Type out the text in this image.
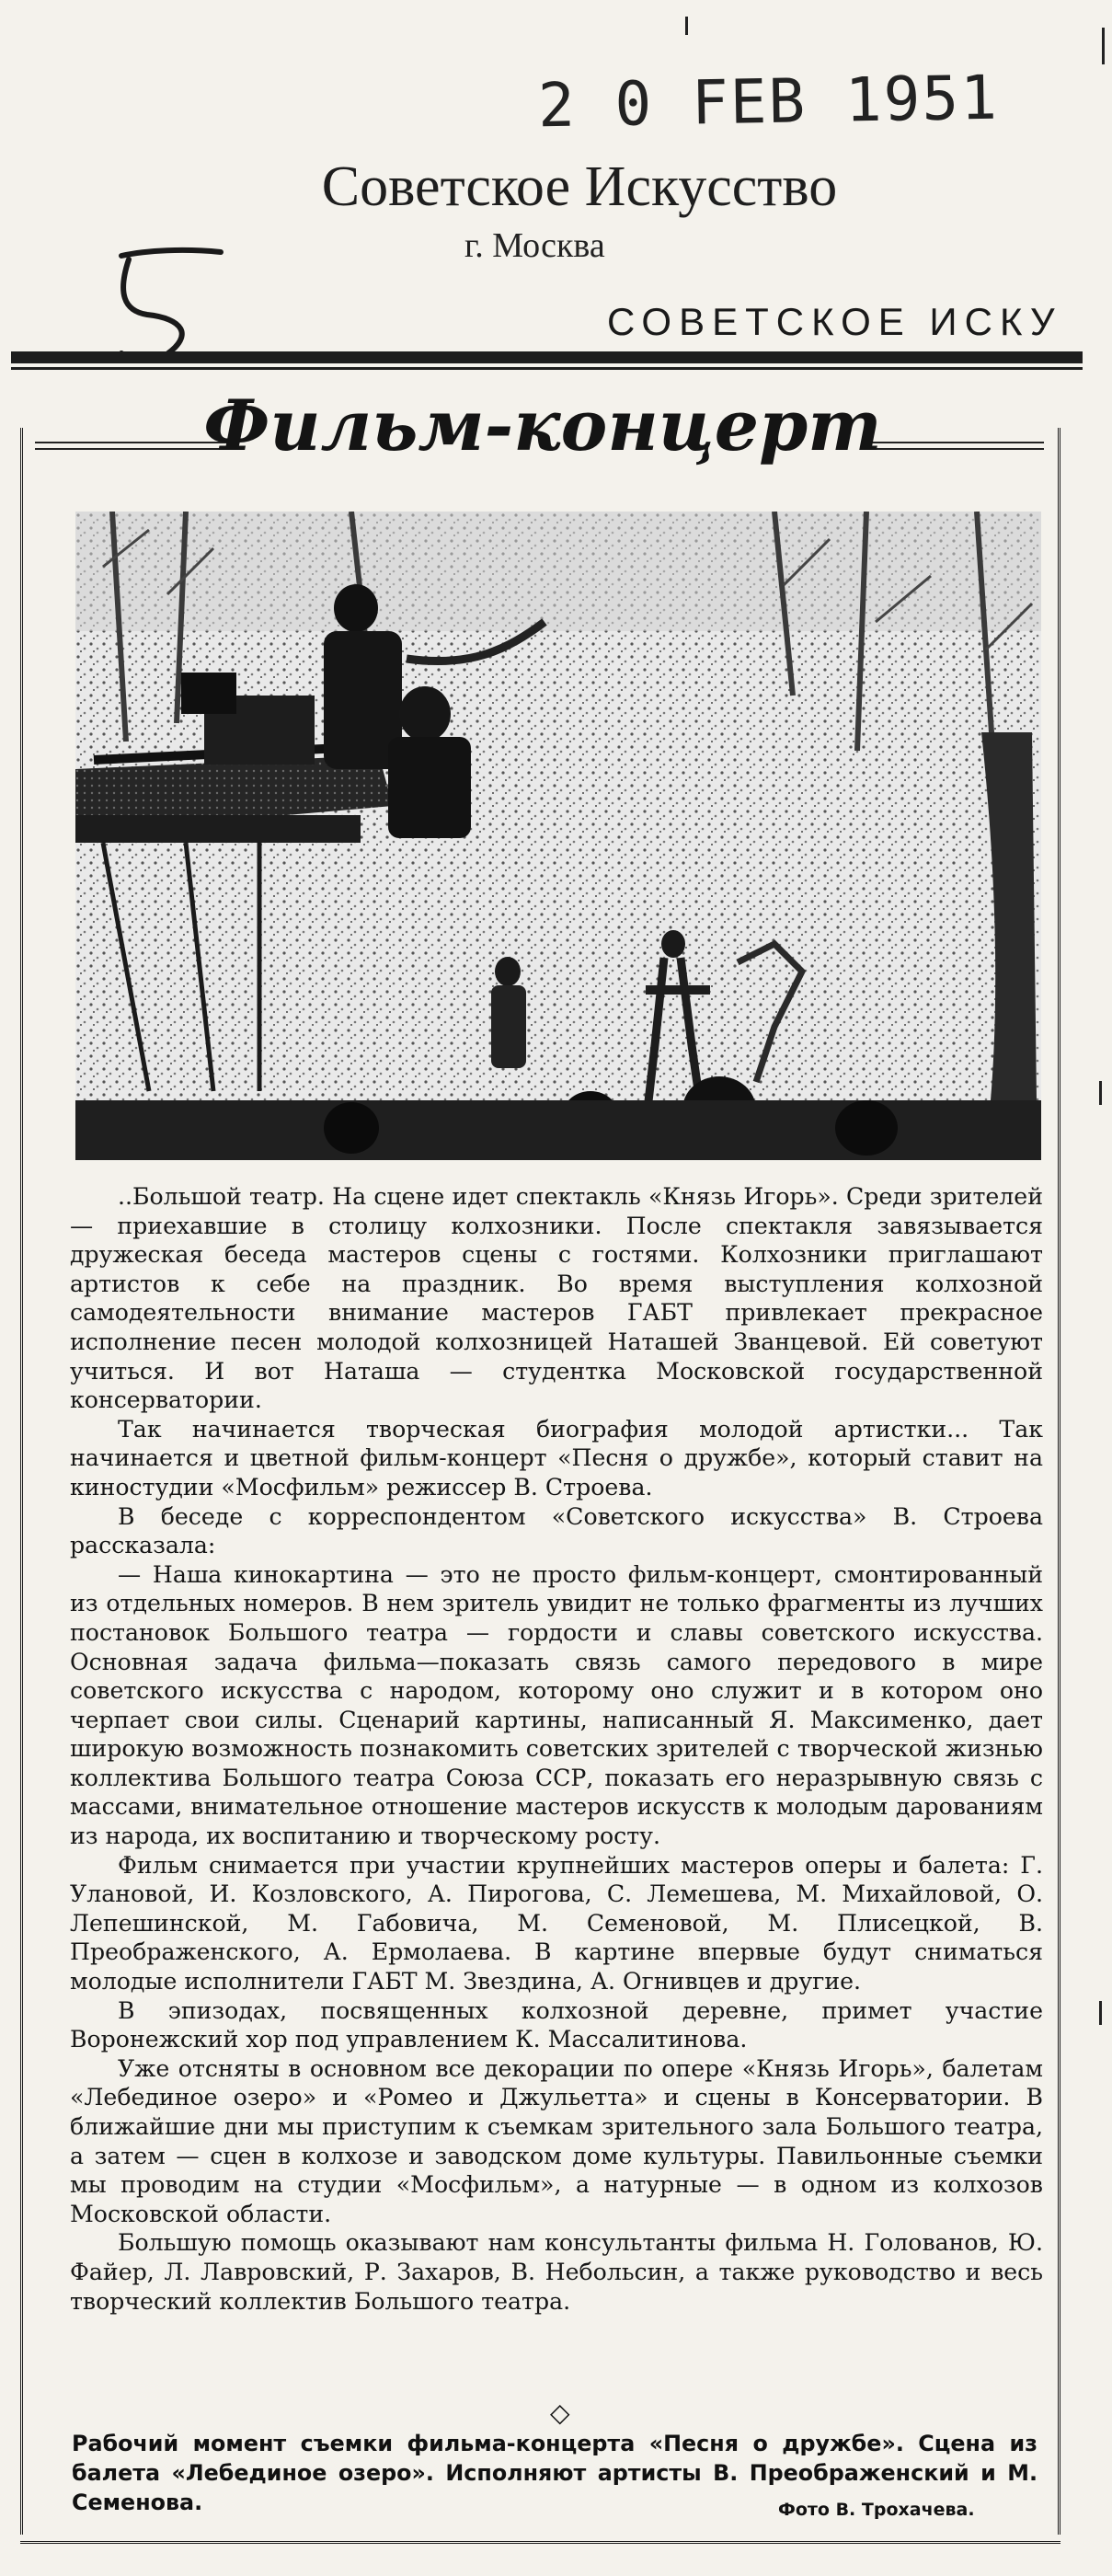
2 0 FEB 1951
Советское Искусство
г. Москва
СОВЕТСКОЕ ИСКУ
Фильм-концерт

..Большой театр. На сцене идет спектакль «Князь Игорь». Среди зрителей — приехавшие в столицу колхозники. После спектакля завязывается дружеская беседа мастеров сцены с гостями. Колхозники приглашают артистов к себе на праздник. Во время выступления колхозной самодеятельности внимание мастеров ГАБТ привлекает прекрасное исполнение песен молодой колхозницей Наташей Званцевой. Ей советуют учиться. И вот Наташа — студентка Московской государственной консерватории.

Так начинается творческая биография молодой артистки... Так начинается и цветной фильм-концерт «Песня о дружбе», который ставит на киностудии «Мосфильм» режиссер В. Строева.

В беседе с корреспондентом «Советского искусства» В. Строева рассказала:

— Наша кинокартина — это не просто фильм-концерт, смонтированный из отдельных номеров. В нем зритель увидит не только фрагменты из лучших постановок Большого театра — гордости и славы советского искусства. Основная задача фильма—показать связь самого передового в мире советского искусства с народом, которому оно служит и в котором оно черпает свои силы. Сценарий картины, написанный Я. Максименко, дает широкую возможность познакомить советских зрителей с творческой жизнью коллектива Большого театра Союза ССР, показать его неразрывную связь с массами, внимательное отношение мастеров искусств к молодым дарованиям из народа, их воспитанию и творческому росту.

Фильм снимается при участии крупнейших мастеров оперы и балета: Г. Улановой, И. Козловского, А. Пирогова, С. Лемешева, М. Михайловой, О. Лепешинской, М. Габовича, М. Семеновой, М. Плисецкой, В. Преображенского, А. Ермолаева. В картине впервые будут сниматься молодые исполнители ГАБТ М. Звездина, А. Огнивцев и другие.

В эпизодах, посвященных колхозной деревне, примет участие Воронежский хор под управлением К. Массалитинова.

Уже отсняты в основном все декорации по опере «Князь Игорь», балетам «Лебединое озеро» и «Ромео и Джульетта» и сцены в Консерватории. В ближайшие дни мы приступим к съемкам зрительного зала Большого театра, а затем — сцен в колхозе и заводском доме культуры. Павильонные съемки мы проводим на студии «Мосфильм», а натурные — в одном из колхозов Московской области.

Большую помощь оказывают нам консультанты фильма Н. Голованов, Ю. Файер, Л. Лавровский, Р. Захаров, В. Небольсин, а также руководство и весь творческий коллектив Большого театра.

◇
Рабочий момент съемки фильма-концерта «Песня о дружбе». Сцена из балета «Лебединое озеро». Исполняют артисты В. Преображенский и М. Семенова.	Фото В. Трохачева.
